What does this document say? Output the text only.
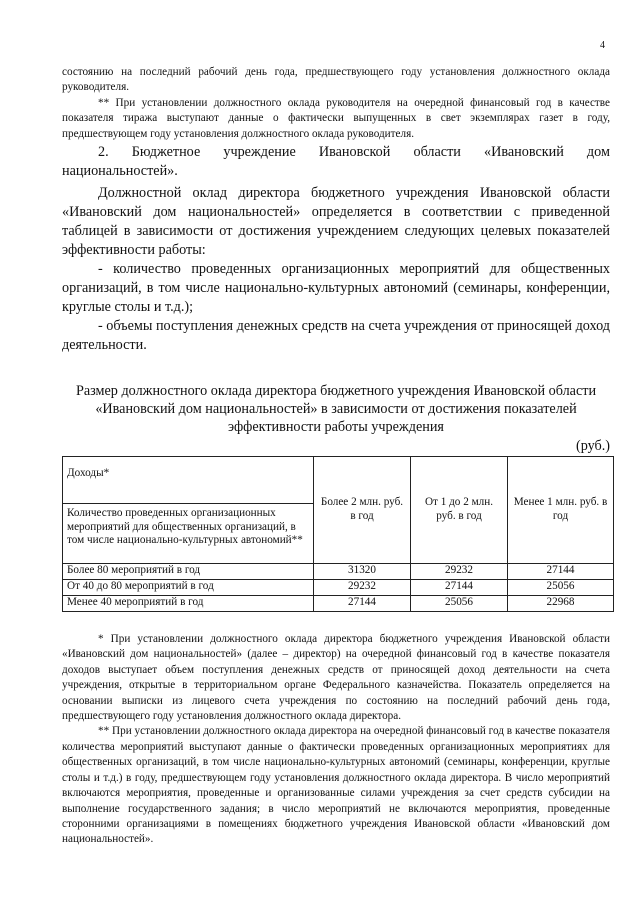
4

состоянию на последний рабочий день года, предшествующего году установления должностного оклада руководителя.

** При установлении должностного оклада руководителя на очередной финансовый год в качестве показателя тиража выступают данные о фактически выпущенных в свет экземплярах газет в году, предшествующем году установления должностного оклада руководителя.

2. Бюджетное учреждение Ивановской области «Ивановский дом

национальностей».

Должностной оклад директора бюджетного учреждения Ивановской области «Ивановский дом национальностей» определяется в соответствии с приведенной таблицей в зависимости от достижения учреждением следующих целевых показателей эффективности работы:

- количество проведенных организационных мероприятий для общественных организаций, в том числе национально-культурных автономий (семинары, конференции, круглые столы и т.д.);

- объемы поступления денежных средств на счета учреждения от приносящей доход деятельности.

Размер должностного оклада директора бюджетного учреждения Ивановской области «Ивановский дом национальностей» в зависимости от достижения показателей эффективности работы учреждения

(руб.)

Доходы*	Более 2 млн. руб. в год	От 1 до 2 млн. руб. в год	Менее 1 млн. руб. в год
Количество проведенных организационных мероприятий для общественных организаций, в том числе национально-культурных автономий**			
Более 80 мероприятий в год	31320	29232	27144
От 40 до 80 мероприятий в год	29232	27144	25056
Менее 40 мероприятий в год	27144	25056	22968

* При установлении должностного оклада директора бюджетного учреждения Ивановской области «Ивановский дом национальностей» (далее – директор) на очередной финансовый год в качестве показателя доходов выступает объем поступления денежных средств от приносящей доход деятельности на счета учреждения, открытые в территориальном органе Федерального казначейства. Показатель определяется на основании выписки из лицевого счета учреждения по состоянию на последний рабочий день года, предшествующего году установления должностного оклада директора.

** При установлении должностного оклада директора на очередной финансовый год в качестве показателя количества мероприятий выступают данные о фактически проведенных организационных мероприятиях для общественных организаций, в том числе национально-культурных автономий (семинары, конференции, круглые столы и т.д.) в году, предшествующем году установления должностного оклада директора. В число мероприятий включаются мероприятия, проведенные и организованные силами учреждения за счет средств субсидии на выполнение государственного задания; в число мероприятий не включаются мероприятия, проведенные сторонними организациями в помещениях бюджетного учреждения Ивановской области «Ивановский дом национальностей».
